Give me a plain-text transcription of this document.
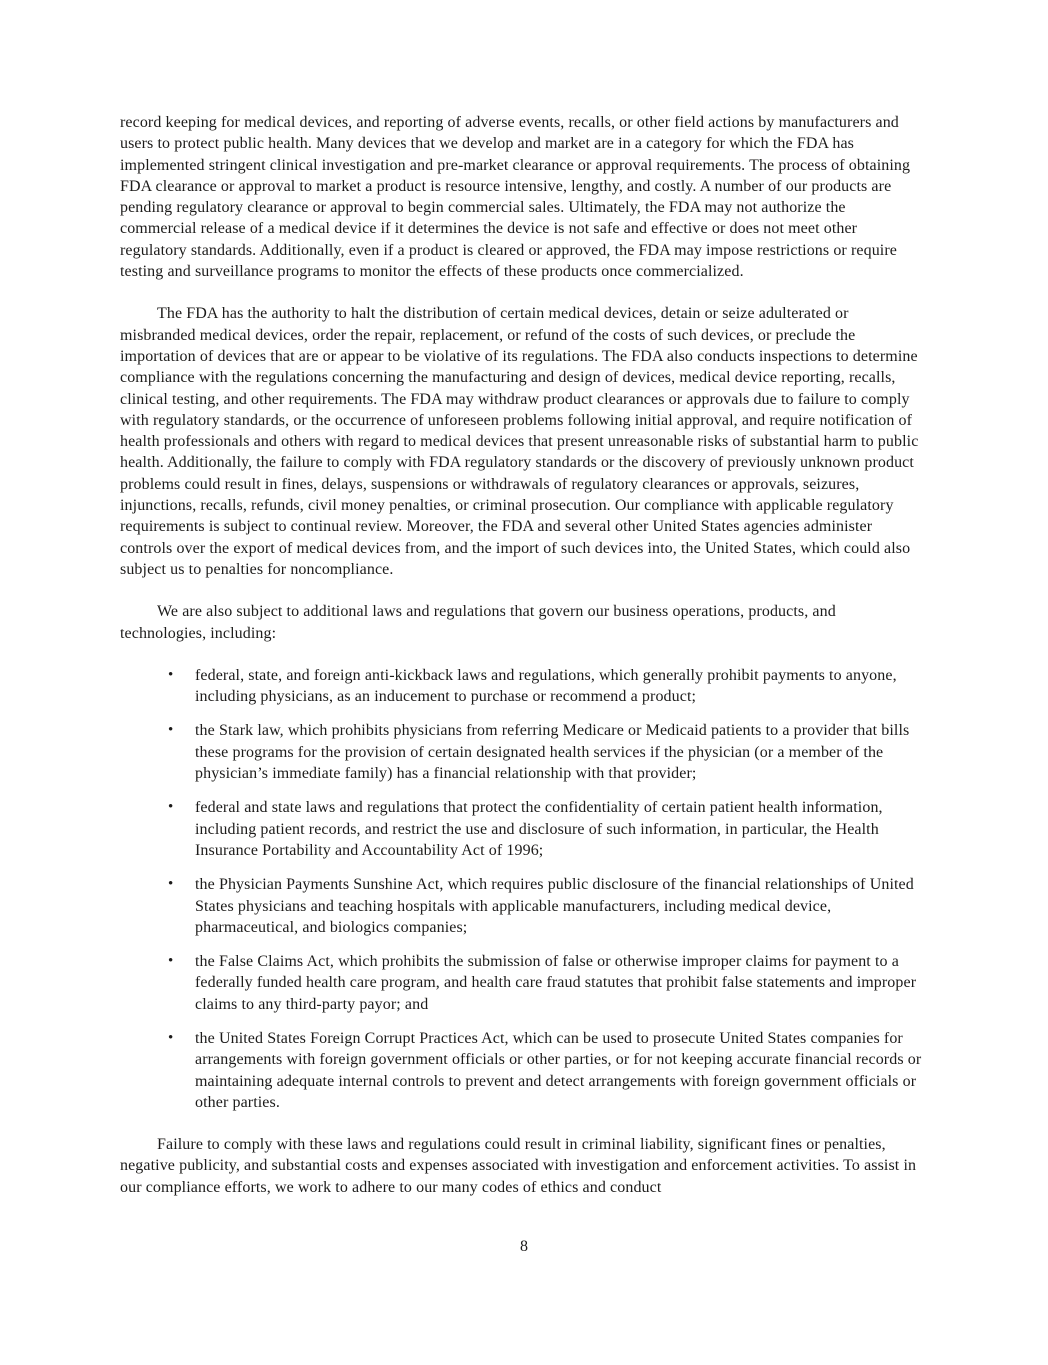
record keeping for medical devices, and reporting of adverse events, recalls, or other field actions by manufacturers and users to protect public health. Many devices that we develop and market are in a category for which the FDA has implemented stringent clinical investigation and pre-market clearance or approval requirements. The process of obtaining FDA clearance or approval to market a product is resource intensive, lengthy, and costly. A number of our products are pending regulatory clearance or approval to begin commercial sales. Ultimately, the FDA may not authorize the commercial release of a medical device if it determines the device is not safe and effective or does not meet other regulatory standards. Additionally, even if a product is cleared or approved, the FDA may impose restrictions or require testing and surveillance programs to monitor the effects of these products once commercialized.

The FDA has the authority to halt the distribution of certain medical devices, detain or seize adulterated or misbranded medical devices, order the repair, replacement, or refund of the costs of such devices, or preclude the importation of devices that are or appear to be violative of its regulations. The FDA also conducts inspections to determine compliance with the regulations concerning the manufacturing and design of devices, medical device reporting, recalls, clinical testing, and other requirements. The FDA may withdraw product clearances or approvals due to failure to comply with regulatory standards, or the occurrence of unforeseen problems following initial approval, and require notification of health professionals and others with regard to medical devices that present unreasonable risks of substantial harm to public health. Additionally, the failure to comply with FDA regulatory standards or the discovery of previously unknown product problems could result in fines, delays, suspensions or withdrawals of regulatory clearances or approvals, seizures, injunctions, recalls, refunds, civil money penalties, or criminal prosecution. Our compliance with applicable regulatory requirements is subject to continual review. Moreover, the FDA and several other United States agencies administer controls over the export of medical devices from, and the import of such devices into, the United States, which could also subject us to penalties for noncompliance.

We are also subject to additional laws and regulations that govern our business operations, products, and technologies, including:

•	federal, state, and foreign anti-kickback laws and regulations, which generally prohibit payments to anyone, including physicians, as an inducement to purchase or recommend a product;
•	the Stark law, which prohibits physicians from referring Medicare or Medicaid patients to a provider that bills these programs for the provision of certain designated health services if the physician (or a member of the physician’s immediate family) has a financial relationship with that provider;
•	federal and state laws and regulations that protect the confidentiality of certain patient health information, including patient records, and restrict the use and disclosure of such information, in particular, the Health Insurance Portability and Accountability Act of 1996;
•	the Physician Payments Sunshine Act, which requires public disclosure of the financial relationships of United States physicians and teaching hospitals with applicable manufacturers, including medical device, pharmaceutical, and biologics companies;
•	the False Claims Act, which prohibits the submission of false or otherwise improper claims for payment to a federally funded health care program, and health care fraud statutes that prohibit false statements and improper claims to any third-party payor; and
•	the United States Foreign Corrupt Practices Act, which can be used to prosecute United States companies for arrangements with foreign government officials or other parties, or for not keeping accurate financial records or maintaining adequate internal controls to prevent and detect arrangements with foreign government officials or other parties.

Failure to comply with these laws and regulations could result in criminal liability, significant fines or penalties, negative publicity, and substantial costs and expenses associated with investigation and enforcement activities. To assist in our compliance efforts, we work to adhere to our many codes of ethics and conduct

8
